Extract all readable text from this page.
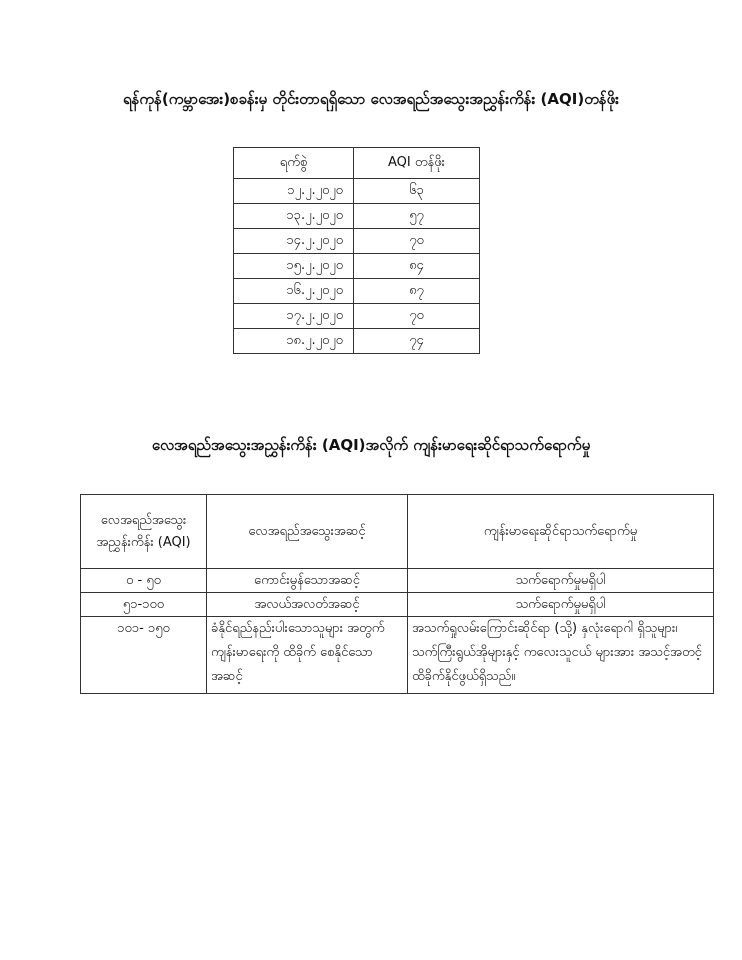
ရန်ကုန်(ကမ္ဘာအေး)စခန်းမှ တိုင်းတာရရှိသော လေအရည်အသွေးအညွှန်းကိန်း (AQI)တန်ဖိုး
ရက်စွဲ	AQI တန်ဖိုး
၁၂.၂.၂၀၂၀	၆၃
၁၃.၂.၂၀၂၀	၅၇
၁၄.၂.၂၀၂၀	၇၀
၁၅.၂.၂၀၂၀	၈၄
၁၆.၂.၂၀၂၀	၈၇
၁၇.၂.၂၀၂၀	၇၀
၁၈.၂.၂၀၂၀	၇၄
လေအရည်အသွေးအညွှန်းကိန်း (AQI)အလိုက် ကျန်းမာရေးဆိုင်ရာသက်ရောက်မှု
လေအရည်အသွေး အညွှန်းကိန်း (AQI)	လေအရည်အသွေးအဆင့်	ကျန်းမာရေးဆိုင်ရာသက်ရောက်မှု
၀ - ၅၀	ကောင်းမွန်သောအဆင့်	သက်ရောက်မှုမရှိပါ
၅၁-၁၀၀	အလယ်အလတ်အဆင့်	သက်ရောက်မှုမရှိပါ
၁၀၁- ၁၅၀	ခံနိုင်ရည်နည်းပါးသောသူများ အတွက် ကျန်းမာရေးကို ထိခိုက် စေနိုင်သောအဆင့်	အသက်ရှုလမ်းကြောင်းဆိုင်ရာ (သို့) နှလုံးရောဂါ ရှိသူများ၊ သက်ကြီးရွယ်အိုများနှင့် ကလေးသူငယ် များအား အသင့်အတင့်ထိခိုက်နိုင်ဖွယ်ရှိသည်။
